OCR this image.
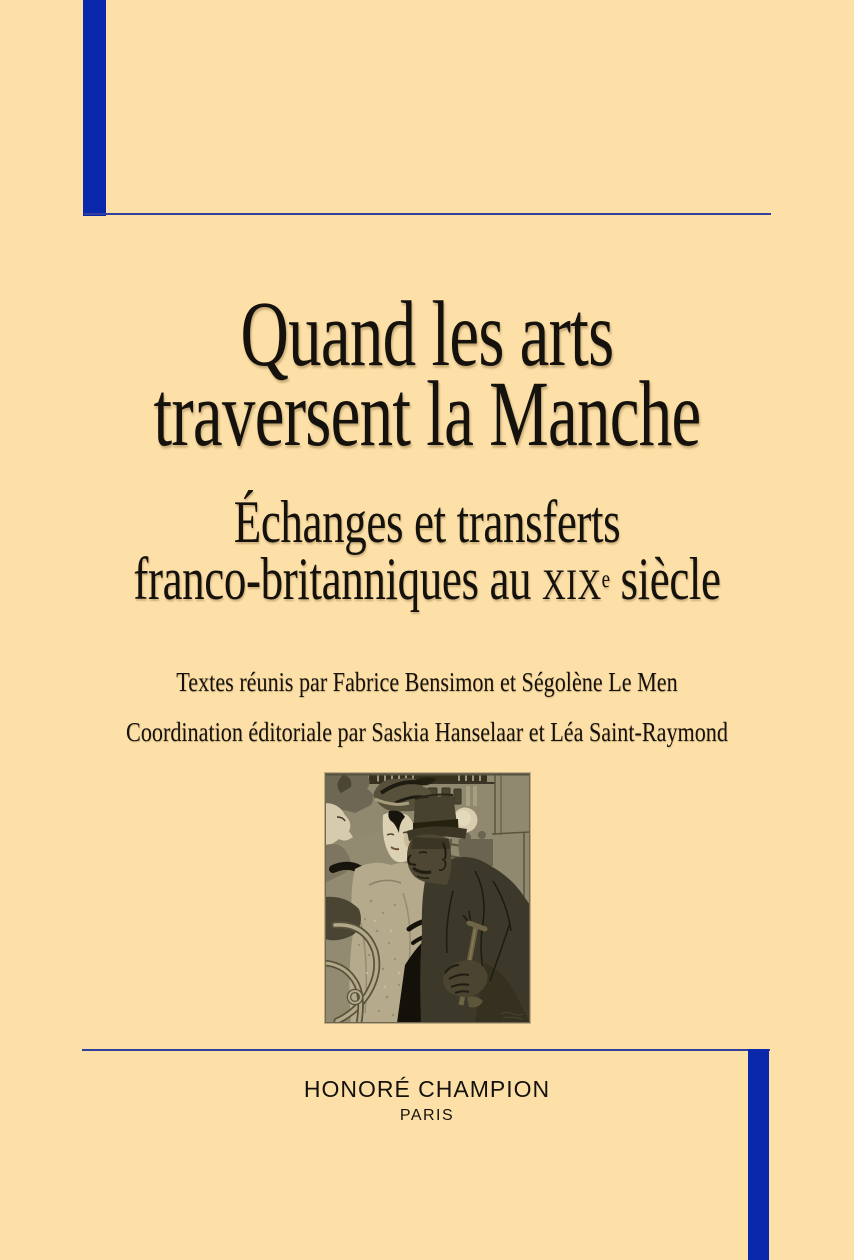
Quand les arts
traversent la Manche
Échanges et transferts
franco-britanniques au XIXe siècle
Textes réunis par Fabrice Bensimon et Ségolène Le Men
Coordination éditoriale par Saskia Hanselaar et Léa Saint-Raymond
HONORÉ CHAMPION
PARIS
